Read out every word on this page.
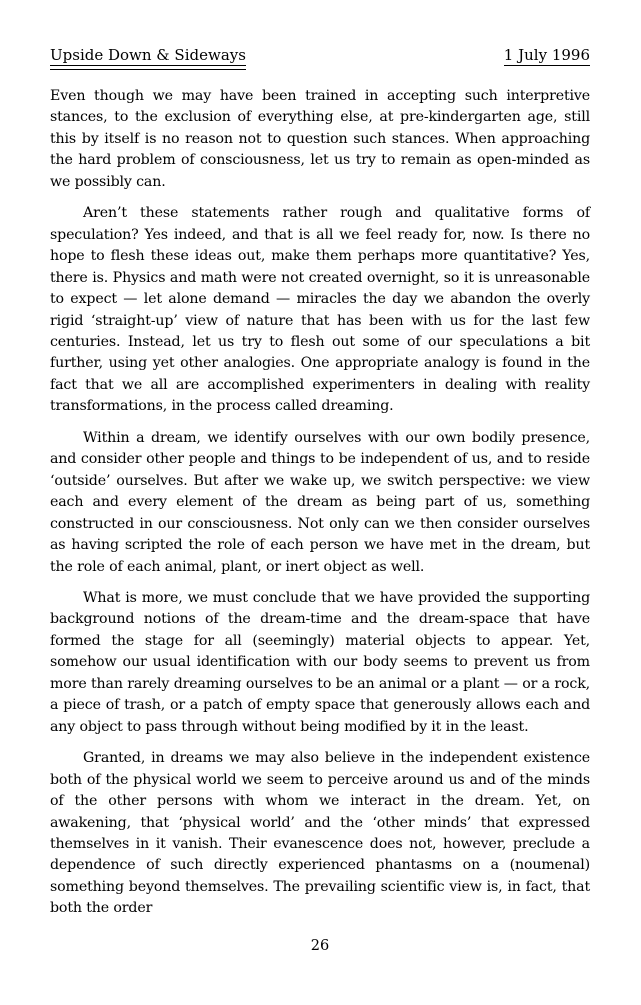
Upside Down & Sideways	1 July 1996

Even though we may have been trained in accepting such interpretive stances, to the exclusion of everything else, at pre-kindergarten age, still this by itself is no reason not to question such stances. When approaching the hard problem of consciousness, let us try to remain as open-minded as we possibly can.

Aren’t these statements rather rough and qualitative forms of speculation? Yes indeed, and that is all we feel ready for, now. Is there no hope to flesh these ideas out, make them perhaps more quantitative? Yes, there is. Physics and math were not created overnight, so it is unreasonable to expect — let alone demand — miracles the day we abandon the overly rigid ‘straight-up’ view of nature that has been with us for the last few centuries. Instead, let us try to flesh out some of our speculations a bit further, using yet other analogies. One appropriate analogy is found in the fact that we all are accomplished experimenters in dealing with reality transformations, in the process called dreaming.

Within a dream, we identify ourselves with our own bodily presence, and consider other people and things to be independent of us, and to reside ‘outside’ ourselves. But after we wake up, we switch perspective: we view each and every element of the dream as being part of us, something constructed in our consciousness. Not only can we then consider ourselves as having scripted the role of each person we have met in the dream, but the role of each animal, plant, or inert object as well.

What is more, we must conclude that we have provided the supporting background notions of the dream-time and the dream-space that have formed the stage for all (seemingly) material objects to appear. Yet, somehow our usual identification with our body seems to prevent us from more than rarely dreaming ourselves to be an animal or a plant — or a rock, a piece of trash, or a patch of empty space that generously allows each and any object to pass through without being modified by it in the least.

Granted, in dreams we may also believe in the independent existence both of the physical world we seem to perceive around us and of the minds of the other persons with whom we interact in the dream. Yet, on awakening, that ‘physical world’ and the ‘other minds’ that expressed themselves in it vanish. Their evanescence does not, however, preclude a dependence of such directly experienced phantasms on a (noumenal) something beyond themselves. The prevailing scientific view is, in fact, that both the order

26
